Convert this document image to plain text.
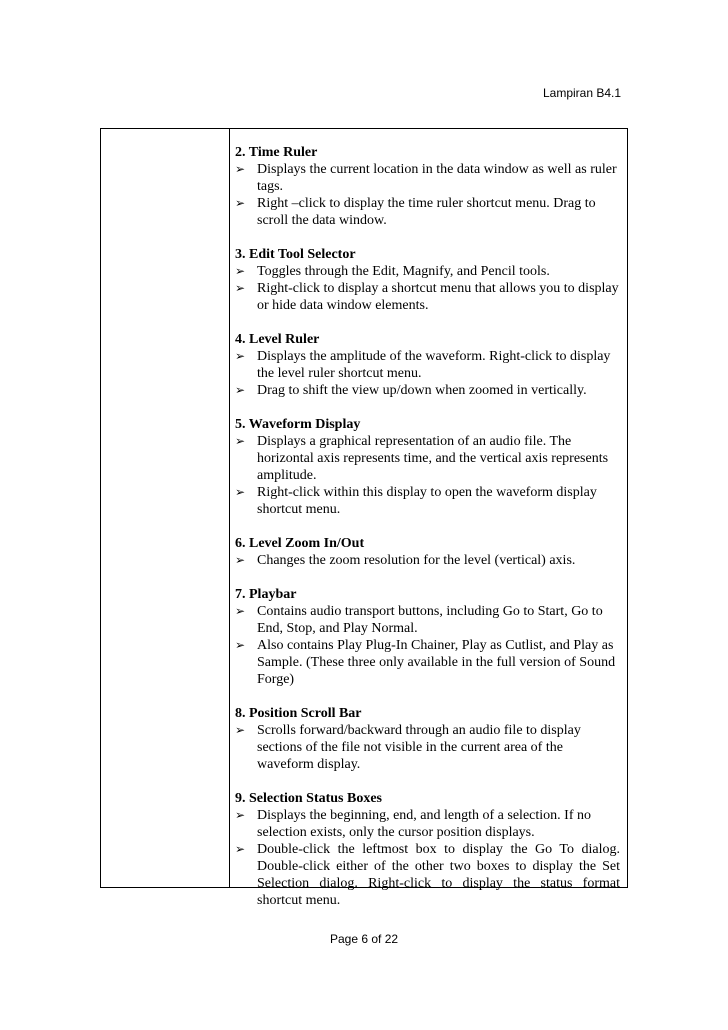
Lampiran B4.1
2. Time Ruler
➢ Displays the current location in the data window as well as ruler tags.
➢ Right –click to display the time ruler shortcut menu. Drag to scroll the data window.
3. Edit Tool Selector
➢ Toggles through the Edit, Magnify, and Pencil tools.
➢ Right-click to display a shortcut menu that allows you to display or hide data window elements.
4. Level Ruler
➢ Displays the amplitude of the waveform. Right-click to display the level ruler shortcut menu.
➢ Drag to shift the view up/down when zoomed in vertically.
5. Waveform Display
➢ Displays a graphical representation of an audio file. The horizontal axis represents time, and the vertical axis represents amplitude.
➢ Right-click within this display to open the waveform display shortcut menu.
6. Level Zoom In/Out
➢ Changes the zoom resolution for the level (vertical) axis.
7. Playbar
➢ Contains audio transport buttons, including Go to Start, Go to End, Stop, and Play Normal.
➢ Also contains Play Plug-In Chainer, Play as Cutlist, and Play as Sample. (These three only available in the full version of Sound Forge)
8. Position Scroll Bar
➢ Scrolls forward/backward through an audio file to display sections of the file not visible in the current area of the waveform display.
9. Selection Status Boxes
➢ Displays the beginning, end, and length of a selection. If no selection exists, only the cursor position displays.
➢ Double-click the leftmost box to display the Go To dialog. Double-click either of the other two boxes to display the Set Selection dialog. Right-click to display the status format shortcut menu.
Page 6 of 22
